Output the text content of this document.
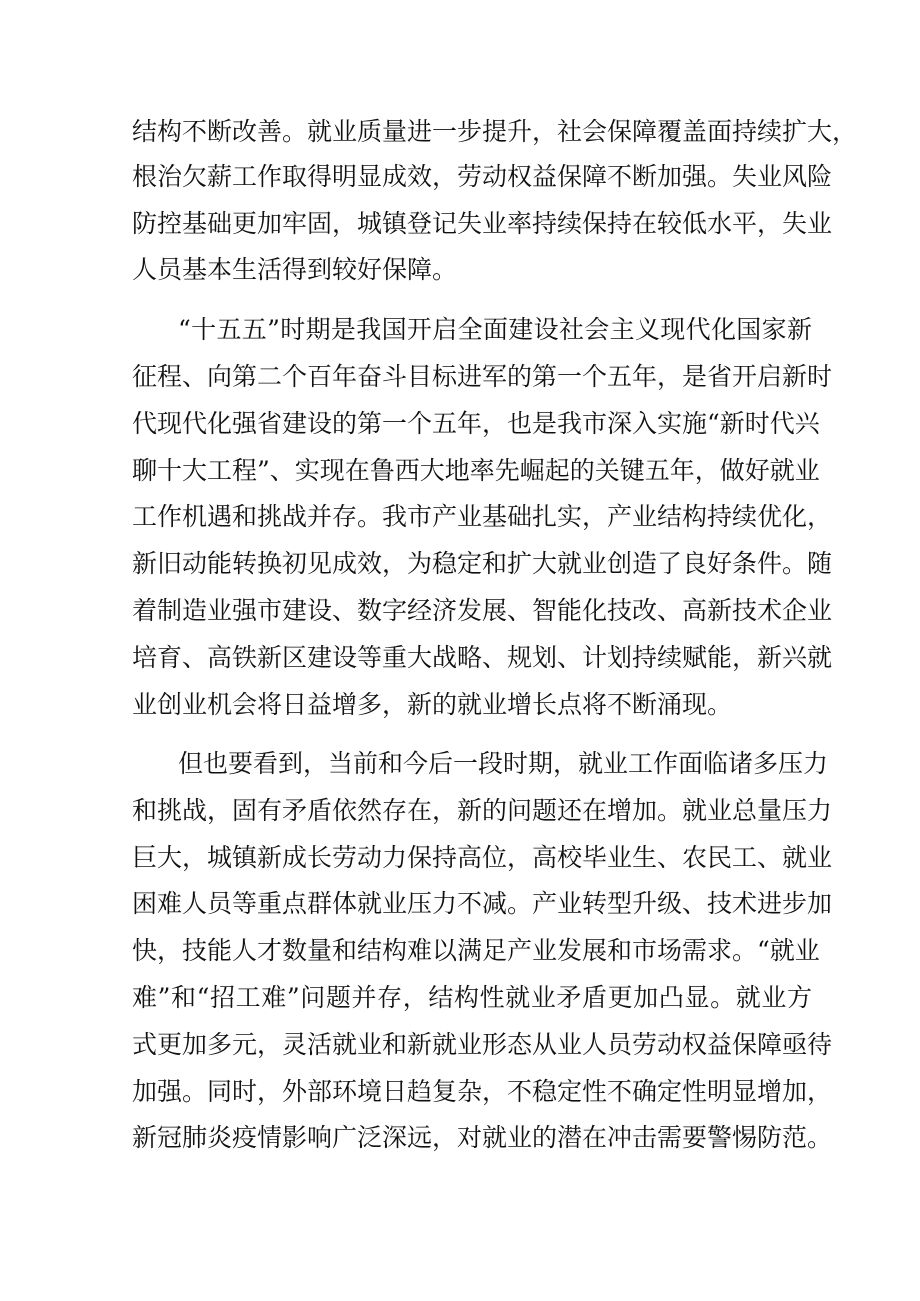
结构不断改善。就业质量进一步提升，社会保障覆盖面持续扩大，
根治欠薪工作取得明显成效，劳动权益保障不断加强。失业风险
防控基础更加牢固，城镇登记失业率持续保持在较低水平，失业
人员基本生活得到较好保障。
“十五五”时期是我国开启全面建设社会主义现代化国家新
征程、向第二个百年奋斗目标进军的第一个五年，是省开启新时
代现代化强省建设的第一个五年，也是我市深入实施“新时代兴
聊十大工程”、实现在鲁西大地率先崛起的关键五年，做好就业
工作机遇和挑战并存。我市产业基础扎实，产业结构持续优化，
新旧动能转换初见成效，为稳定和扩大就业创造了良好条件。随
着制造业强市建设、数字经济发展、智能化技改、高新技术企业
培育、高铁新区建设等重大战略、规划、计划持续赋能，新兴就
业创业机会将日益增多，新的就业增长点将不断涌现。
但也要看到，当前和今后一段时期，就业工作面临诸多压力
和挑战，固有矛盾依然存在，新的问题还在增加。就业总量压力
巨大，城镇新成长劳动力保持高位，高校毕业生、农民工、就业
困难人员等重点群体就业压力不减。产业转型升级、技术进步加
快，技能人才数量和结构难以满足产业发展和市场需求。“就业
难”和“招工难”问题并存，结构性就业矛盾更加凸显。就业方
式更加多元，灵活就业和新就业形态从业人员劳动权益保障亟待
加强。同时，外部环境日趋复杂，不稳定性不确定性明显增加，
新冠肺炎疫情影响广泛深远，对就业的潜在冲击需要警惕防范。
